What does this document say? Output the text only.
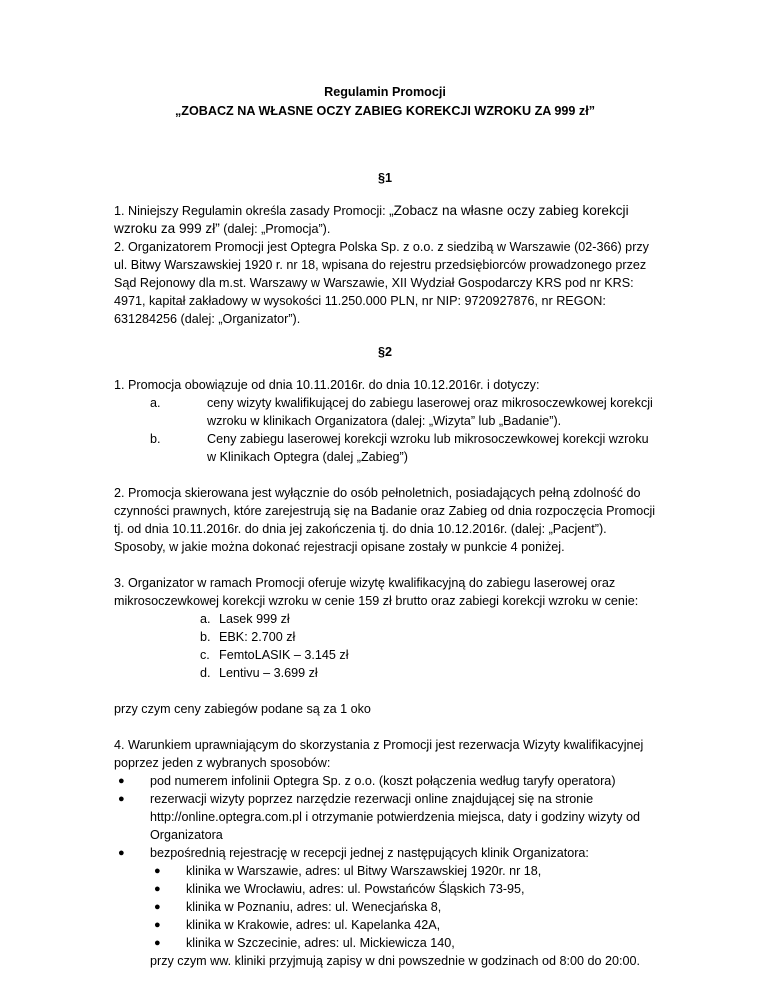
Regulamin Promocji

„ZOBACZ NA WŁASNE OCZY ZABIEG KOREKCJI WZROKU ZA 999 zł”

§1

1. Niniejszy Regulamin określa zasady Promocji: „Zobacz na własne oczy zabieg korekcji wzroku za 999 zł” (dalej: „Promocja”).

2. Organizatorem Promocji jest Optegra Polska Sp. z o.o. z siedzibą w Warszawie (02-366) przy ul. Bitwy Warszawskiej 1920 r. nr 18, wpisana do rejestru przedsiębiorców prowadzonego przez Sąd Rejonowy dla m.st. Warszawy w Warszawie, XII Wydział Gospodarczy KRS pod nr KRS: 4971, kapitał zakładowy w wysokości 11.250.000 PLN, nr NIP: 9720927876, nr REGON: 631284256 (dalej: „Organizator”).

§2

1. Promocja obowiązuje od dnia 10.11.2016r. do dnia 10.12.2016r. i dotyczy:

a.	ceny wizyty kwalifikującej do zabiegu laserowej oraz mikrosoczewkowej korekcji wzroku w klinikach Organizatora (dalej: „Wizyta” lub „Badanie”).
b.	Ceny zabiegu laserowej korekcji wzroku lub mikrosoczewkowej korekcji wzroku w Klinikach Optegra (dalej „Zabieg”)

2. Promocja skierowana jest wyłącznie do osób pełnoletnich, posiadających pełną zdolność do czynności prawnych, które zarejestrują się na Badanie oraz Zabieg od dnia rozpoczęcia Promocji tj. od dnia 10.11.2016r. do dnia jej zakończenia tj. do dnia 10.12.2016r. (dalej: „Pacjent”). Sposoby, w jakie można dokonać rejestracji opisane zostały w punkcie 4 poniżej.

3. Organizator w ramach Promocji oferuje wizytę kwalifikacyjną do zabiegu laserowej oraz mikrosoczewkowej korekcji wzroku w cenie 159 zł brutto oraz zabiegi korekcji wzroku w cenie:

a. Lasek 999 zł
b. EBK: 2.700 zł
c. FemtoLASIK – 3.145 zł
d. Lentivu – 3.699 zł

przy czym ceny zabiegów podane są za 1 oko

4. Warunkiem uprawniającym do skorzystania z Promocji jest rezerwacja Wizyty kwalifikacyjnej poprzez jeden z wybranych sposobów:

● pod numerem infolinii Optegra Sp. z o.o. (koszt połączenia według taryfy operatora)
● rezerwacji wizyty poprzez narzędzie rezerwacji online znajdującej się na stronie http://online.optegra.com.pl i otrzymanie potwierdzenia miejsca, daty i godziny wizyty od Organizatora
● bezpośrednią rejestrację w recepcji jednej z następujących klinik Organizatora:
● klinika w Warszawie, adres: ul Bitwy Warszawskiej 1920r. nr 18,
● klinika we Wrocławiu, adres: ul. Powstańców Śląskich 73-95,
● klinika w Poznaniu, adres: ul. Wenecjańska 8,
● klinika w Krakowie, adres: ul. Kapelanka 42A,
● klinika w Szczecinie, adres: ul. Mickiewicza 140,

przy czym ww. kliniki przyjmują zapisy w dni powszednie w godzinach od 8:00 do 20:00.
